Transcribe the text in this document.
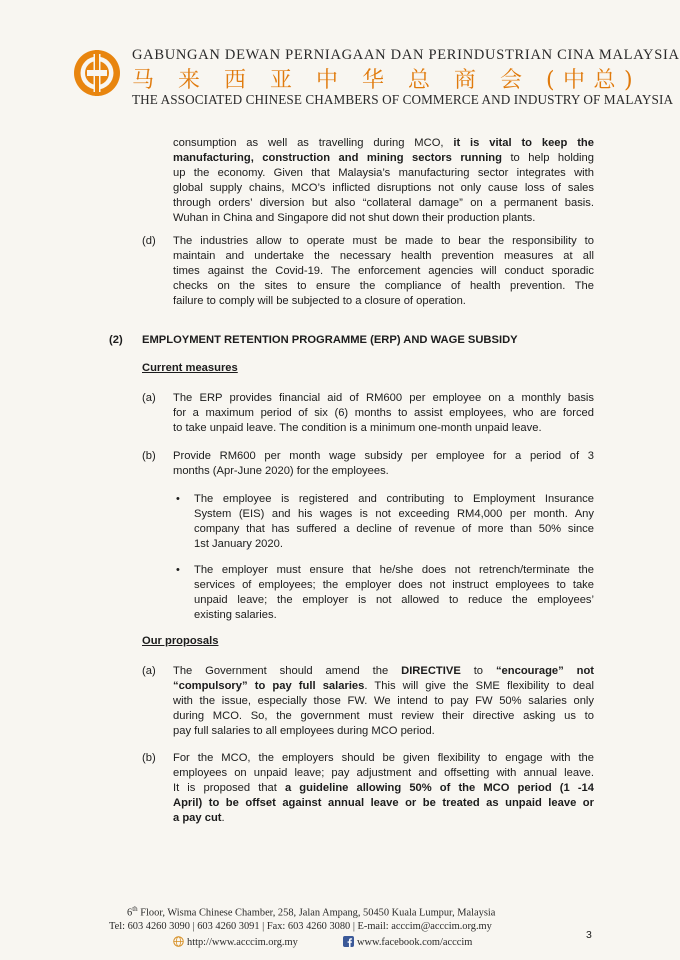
GABUNGAN DEWAN PERNIAGAAN DAN PERINDUSTRIAN CINA MALAYSIA
马 来 西 亚 中 华 总 商 会 (中总)
THE ASSOCIATED CHINESE CHAMBERS OF COMMERCE AND INDUSTRY OF MALAYSIA
consumption as well as travelling during MCO, it is vital to keep the
manufacturing, construction and mining sectors running to help holding
up the economy. Given that Malaysia’s manufacturing sector integrates with
global supply chains, MCO’s inflicted disruptions not only cause loss of sales
through orders’ diversion but also “collateral damage” on a permanent basis.
Wuhan in China and Singapore did not shut down their production plants.
(d) The industries allow to operate must be made to bear the responsibility to
maintain and undertake the necessary health prevention measures at all
times against the Covid-19. The enforcement agencies will conduct sporadic
checks on the sites to ensure the compliance of health prevention. The
failure to comply will be subjected to a closure of operation.
(2) EMPLOYMENT RETENTION PROGRAMME (ERP) AND WAGE SUBSIDY
Current measures
(a) The ERP provides financial aid of RM600 per employee on a monthly basis
for a maximum period of six (6) months to assist employees, who are forced
to take unpaid leave. The condition is a minimum one-month unpaid leave.
(b) Provide RM600 per month wage subsidy per employee for a period of 3
months (Apr-June 2020) for the employees.
• The employee is registered and contributing to Employment Insurance
System (EIS) and his wages is not exceeding RM4,000 per month. Any
company that has suffered a decline of revenue of more than 50% since
1st January 2020.
• The employer must ensure that he/she does not retrench/terminate the
services of employees; the employer does not instruct employees to take
unpaid leave; the employer is not allowed to reduce the employees’
existing salaries.
Our proposals
(a) The Government should amend the DIRECTIVE to “encourage” not
“compulsory” to pay full salaries. This will give the SME flexibility to deal
with the issue, especially those FW. We intend to pay FW 50% salaries only
during MCO. So, the government must review their directive asking us to
pay full salaries to all employees during MCO period.
(b) For the MCO, the employers should be given flexibility to engage with the
employees on unpaid leave; pay adjustment and offsetting with annual leave.
It is proposed that a guideline allowing 50% of the MCO period (1 -14
April) to be offset against annual leave or be treated as unpaid leave or
a pay cut.
6th Floor, Wisma Chinese Chamber, 258, Jalan Ampang, 50450 Kuala Lumpur, Malaysia
Tel: 603 4260 3090 | 603 4260 3091 | Fax: 603 4260 3080 | E-mail: acccim@acccim.org.my
http://www.acccim.org.my	www.facebook.com/acccim
3
